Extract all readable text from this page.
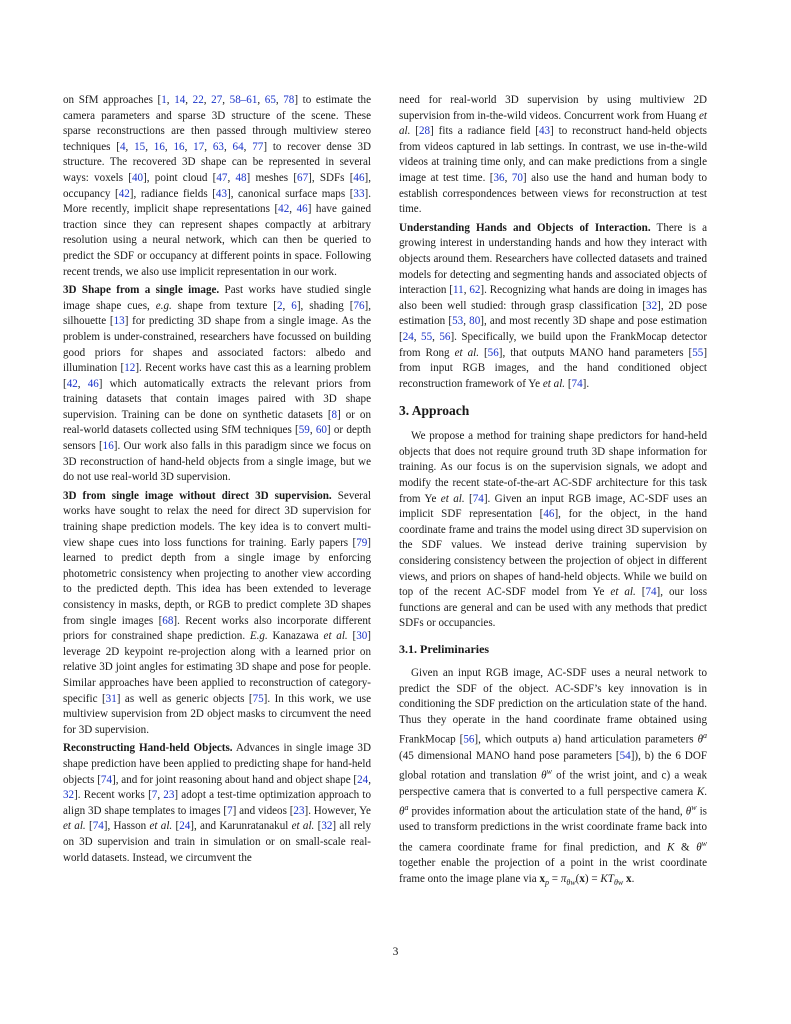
on SfM approaches [1, 14, 22, 27, 58–61, 65, 78] to estimate the camera parameters and sparse 3D structure of the scene. These sparse reconstructions are then passed through multiview stereo techniques [4, 15, 16, 16, 17, 63, 64, 77] to recover dense 3D structure. The recovered 3D shape can be represented in several ways: voxels [40], point cloud [47, 48] meshes [67], SDFs [46], occupancy [42], radiance fields [43], canonical surface maps [33]. More recently, implicit shape representations [42, 46] have gained traction since they can represent shapes compactly at arbitrary resolution using a neural network, which can then be queried to predict the SDF or occupancy at different points in space. Following recent trends, we also use implicit representation in our work.

3D Shape from a single image. Past works have studied single image shape cues, e.g. shape from texture [2, 6], shading [76], silhouette [13] for predicting 3D shape from a single image. As the problem is under-constrained, researchers have focussed on building good priors for shapes and associated factors: albedo and illumination [12]. Recent works have cast this as a learning problem [42, 46] which automatically extracts the relevant priors from training datasets that contain images paired with 3D shape supervision. Training can be done on synthetic datasets [8] or on real-world datasets collected using SfM techniques [59, 60] or depth sensors [16]. Our work also falls in this paradigm since we focus on 3D reconstruction of hand-held objects from a single image, but we do not use real-world 3D supervision.

3D from single image without direct 3D supervision. Several works have sought to relax the need for direct 3D supervision for training shape prediction models. The key idea is to convert multi-view shape cues into loss functions for training. Early papers [79] learned to predict depth from a single image by enforcing photometric consistency when projecting to another view according to the predicted depth. This idea has been extended to leverage consistency in masks, depth, or RGB to predict complete 3D shapes from single images [68]. Recent works also incorporate different priors for constrained shape prediction. E.g. Kanazawa et al. [30] leverage 2D keypoint re-projection along with a learned prior on relative 3D joint angles for estimating 3D shape and pose for people. Similar approaches have been applied to reconstruction of category-specific [31] as well as generic objects [75]. In this work, we use multiview supervision from 2D object masks to circumvent the need for 3D supervision.

Reconstructing Hand-held Objects. Advances in single image 3D shape prediction have been applied to predicting shape for hand-held objects [74], and for joint reasoning about hand and object shape [24, 32]. Recent works [7, 23] adopt a test-time optimization approach to align 3D shape templates to images [7] and videos [23]. However, Ye et al. [74], Hasson et al. [24], and Karunratanakul et al. [32] all rely on 3D supervision and train in simulation or on small-scale real-world datasets. Instead, we circumvent the

need for real-world 3D supervision by using multiview 2D supervision from in-the-wild videos. Concurrent work from Huang et al. [28] fits a radiance field [43] to reconstruct hand-held objects from videos captured in lab settings. In contrast, we use in-the-wild videos at training time only, and can make predictions from a single image at test time. [36, 70] also use the hand and human body to establish correspondences between views for reconstruction at test time.

Understanding Hands and Objects of Interaction. There is a growing interest in understanding hands and how they interact with objects around them. Researchers have collected datasets and trained models for detecting and segmenting hands and associated objects of interaction [11, 62]. Recognizing what hands are doing in images has also been well studied: through grasp classification [32], 2D pose estimation [53, 80], and most recently 3D shape and pose estimation [24, 55, 56]. Specifically, we build upon the FrankMocap detector from Rong et al. [56], that outputs MANO hand parameters [55] from input RGB images, and the hand conditioned object reconstruction framework of Ye et al. [74].

3. Approach

We propose a method for training shape predictors for hand-held objects that does not require ground truth 3D shape information for training. As our focus is on the supervision signals, we adopt and modify the recent state-of-the-art AC-SDF architecture for this task from Ye et al. [74]. Given an input RGB image, AC-SDF uses an implicit SDF representation [46], for the object, in the hand coordinate frame and trains the model using direct 3D supervision on the SDF values. We instead derive training supervision by considering consistency between the projection of object in different views, and priors on shapes of hand-held objects. While we build on top of the recent AC-SDF model from Ye et al. [74], our loss functions are general and can be used with any methods that predict SDFs or occupancies.

3.1. Preliminaries

Given an input RGB image, AC-SDF uses a neural network to predict the SDF of the object. AC-SDF’s key innovation is in conditioning the SDF prediction on the articulation state of the hand. Thus they operate in the hand coordinate frame obtained using FrankMocap [56], which outputs a) hand articulation parameters $\theta^a$ (45 dimensional MANO hand pose parameters [54]), b) the 6 DOF global rotation and translation $\theta^w$ of the wrist joint, and c) a weak perspective camera that is converted to a full perspective camera K. $\theta^a$ provides information about the articulation state of the hand, $\theta^w$ is used to transform predictions in the wrist coordinate frame back into the camera coordinate frame for final prediction, and K & $\theta^w$ together enable the projection of a point in the wrist coordinate frame onto the image plane via $x_p = \pi_{\theta w}(x) = KT_{\theta w}$ x.

3
